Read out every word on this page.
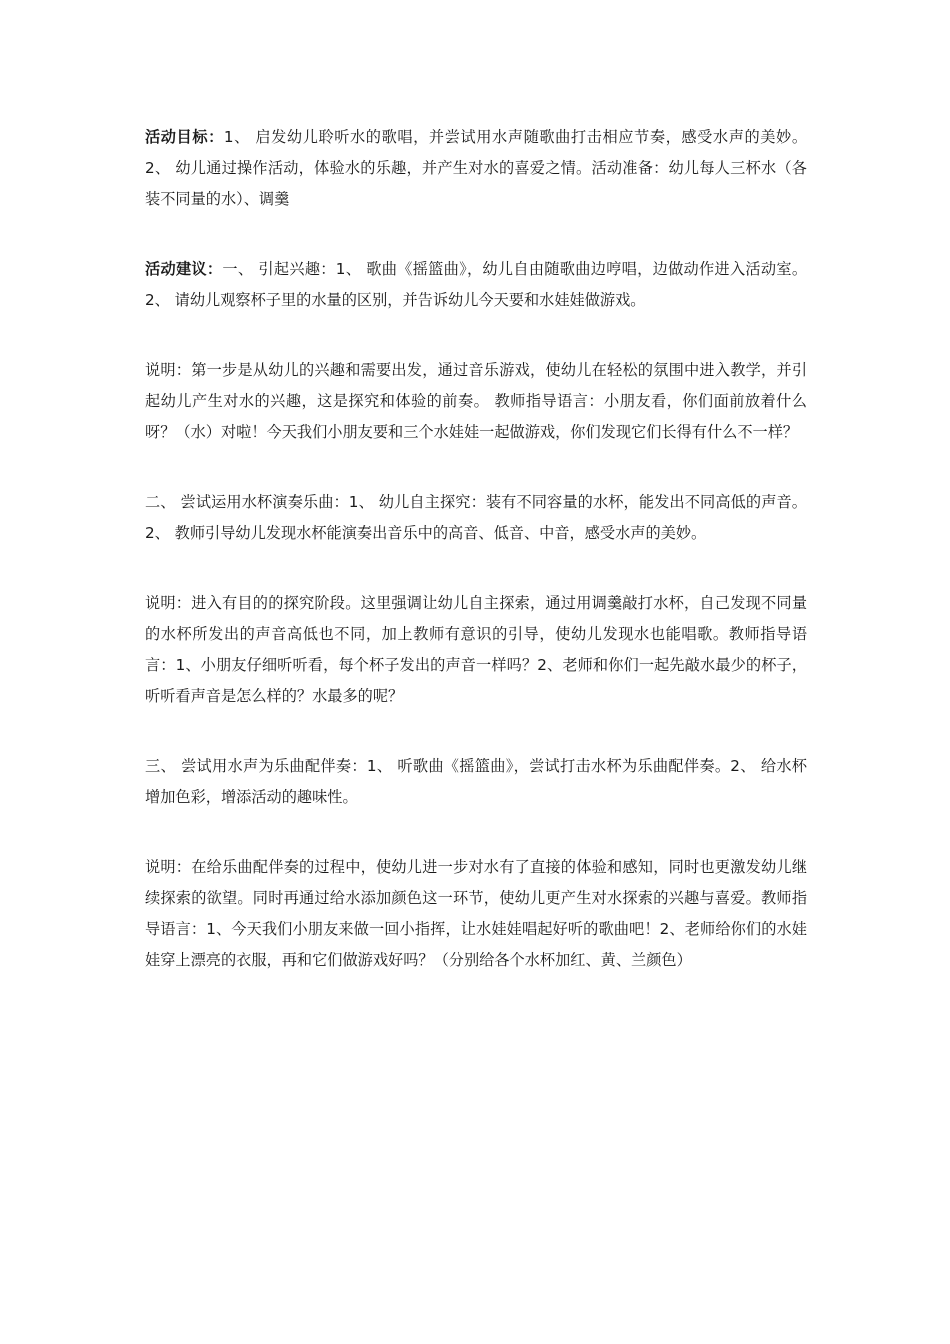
活动目标：1、 启发幼儿聆听水的歌唱，并尝试用水声随歌曲打击相应节奏，感受水声的美妙。2、 幼儿通过操作活动，体验水的乐趣，并产生对水的喜爱之情。活动准备：幼儿每人三杯水（各装不同量的水）、调羹

活动建议：一、 引起兴趣：1、 歌曲《摇篮曲》，幼儿自由随歌曲边哼唱，边做动作进入活动室。2、 请幼儿观察杯子里的水量的区别，并告诉幼儿今天要和水娃娃做游戏。

说明：第一步是从幼儿的兴趣和需要出发，通过音乐游戏，使幼儿在轻松的氛围中进入教学，并引起幼儿产生对水的兴趣，这是探究和体验的前奏。 教师指导语言：小朋友看，你们面前放着什么呀？（水）对啦！今天我们小朋友要和三个水娃娃一起做游戏，你们发现它们长得有什么不一样？

二、 尝试运用水杯演奏乐曲：1、 幼儿自主探究：装有不同容量的水杯，能发出不同高低的声音。2、 教师引导幼儿发现水杯能演奏出音乐中的高音、低音、中音，感受水声的美妙。

说明：进入有目的的探究阶段。这里强调让幼儿自主探索，通过用调羹敲打水杯，自己发现不同量的水杯所发出的声音高低也不同，加上教师有意识的引导，使幼儿发现水也能唱歌。教师指导语言：1、小朋友仔细听听看，每个杯子发出的声音一样吗？2、老师和你们一起先敲水最少的杯子，听听看声音是怎么样的？水最多的呢？

三、 尝试用水声为乐曲配伴奏：1、 听歌曲《摇篮曲》，尝试打击水杯为乐曲配伴奏。2、 给水杯增加色彩，增添活动的趣味性。

说明：在给乐曲配伴奏的过程中，使幼儿进一步对水有了直接的体验和感知，同时也更激发幼儿继续探索的欲望。同时再通过给水添加颜色这一环节，使幼儿更产生对水探索的兴趣与喜爱。教师指导语言：1、今天我们小朋友来做一回小指挥，让水娃娃唱起好听的歌曲吧！2、老师给你们的水娃娃穿上漂亮的衣服，再和它们做游戏好吗？（分别给各个水杯加红、黄、兰颜色）
